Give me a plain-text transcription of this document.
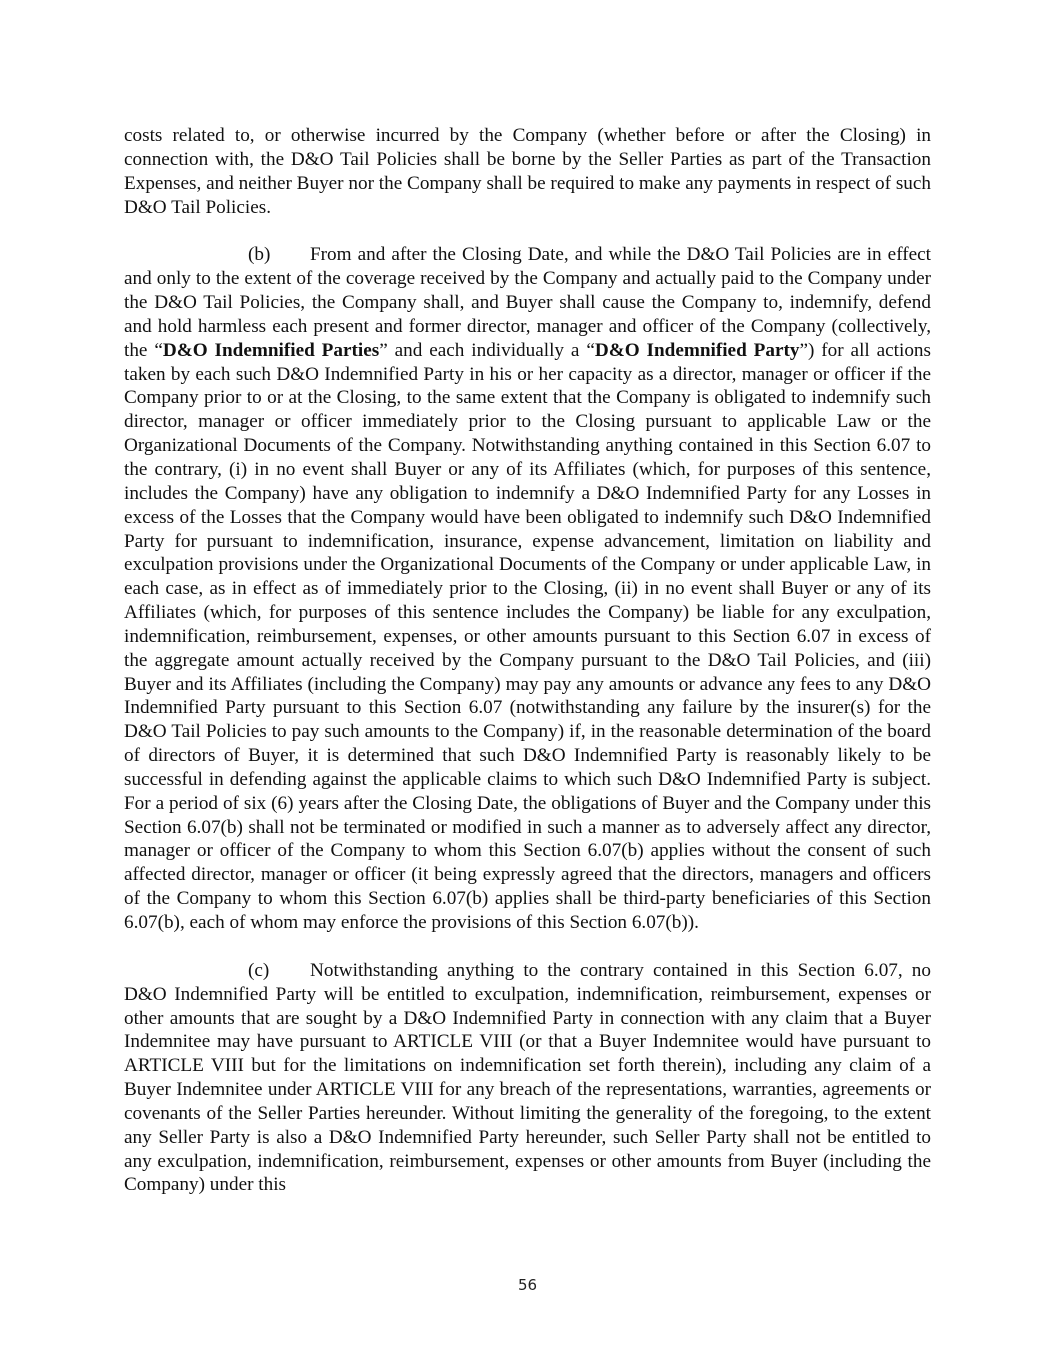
costs related to, or otherwise incurred by the Company (whether before or after the Closing) in connection with, the D&O Tail Policies shall be borne by the Seller Parties as part of the Transaction Expenses, and neither Buyer nor the Company shall be required to make any payments in respect of such D&O Tail Policies.

(b) From and after the Closing Date, and while the D&O Tail Policies are in effect and only to the extent of the coverage received by the Company and actually paid to the Company under the D&O Tail Policies, the Company shall, and Buyer shall cause the Company to, indemnify, defend and hold harmless each present and former director, manager and officer of the Company (collectively, the “D&O Indemnified Parties” and each individually a “D&O Indemnified Party”) for all actions taken by each such D&O Indemnified Party in his or her capacity as a director, manager or officer if the Company prior to or at the Closing, to the same extent that the Company is obligated to indemnify such director, manager or officer immediately prior to the Closing pursuant to applicable Law or the Organizational Documents of the Company. Notwithstanding anything contained in this Section 6.07 to the contrary, (i) in no event shall Buyer or any of its Affiliates (which, for purposes of this sentence, includes the Company) have any obligation to indemnify a D&O Indemnified Party for any Losses in excess of the Losses that the Company would have been obligated to indemnify such D&O Indemnified Party for pursuant to indemnification, insurance, expense advancement, limitation on liability and exculpation provisions under the Organizational Documents of the Company or under applicable Law, in each case, as in effect as of immediately prior to the Closing, (ii) in no event shall Buyer or any of its Affiliates (which, for purposes of this sentence includes the Company) be liable for any exculpation, indemnification, reimbursement, expenses, or other amounts pursuant to this Section 6.07 in excess of the aggregate amount actually received by the Company pursuant to the D&O Tail Policies, and (iii) Buyer and its Affiliates (including the Company) may pay any amounts or advance any fees to any D&O Indemnified Party pursuant to this Section 6.07 (notwithstanding any failure by the insurer(s) for the D&O Tail Policies to pay such amounts to the Company) if, in the reasonable determination of the board of directors of Buyer, it is determined that such D&O Indemnified Party is reasonably likely to be successful in defending against the applicable claims to which such D&O Indemnified Party is subject. For a period of six (6) years after the Closing Date, the obligations of Buyer and the Company under this Section 6.07(b) shall not be terminated or modified in such a manner as to adversely affect any director, manager or officer of the Company to whom this Section 6.07(b) applies without the consent of such affected director, manager or officer (it being expressly agreed that the directors, managers and officers of the Company to whom this Section 6.07(b) applies shall be third-party beneficiaries of this Section 6.07(b), each of whom may enforce the provisions of this Section 6.07(b)).

(c) Notwithstanding anything to the contrary contained in this Section 6.07, no D&O Indemnified Party will be entitled to exculpation, indemnification, reimbursement, expenses or other amounts that are sought by a D&O Indemnified Party in connection with any claim that a Buyer Indemnitee may have pursuant to ARTICLE VIII (or that a Buyer Indemnitee would have pursuant to ARTICLE VIII but for the limitations on indemnification set forth therein), including any claim of a Buyer Indemnitee under ARTICLE VIII for any breach of the representations, warranties, agreements or covenants of the Seller Parties hereunder. Without limiting the generality of the foregoing, to the extent any Seller Party is also a D&O Indemnified Party hereunder, such Seller Party shall not be entitled to any exculpation, indemnification, reimbursement, expenses or other amounts from Buyer (including the Company) under this

56
